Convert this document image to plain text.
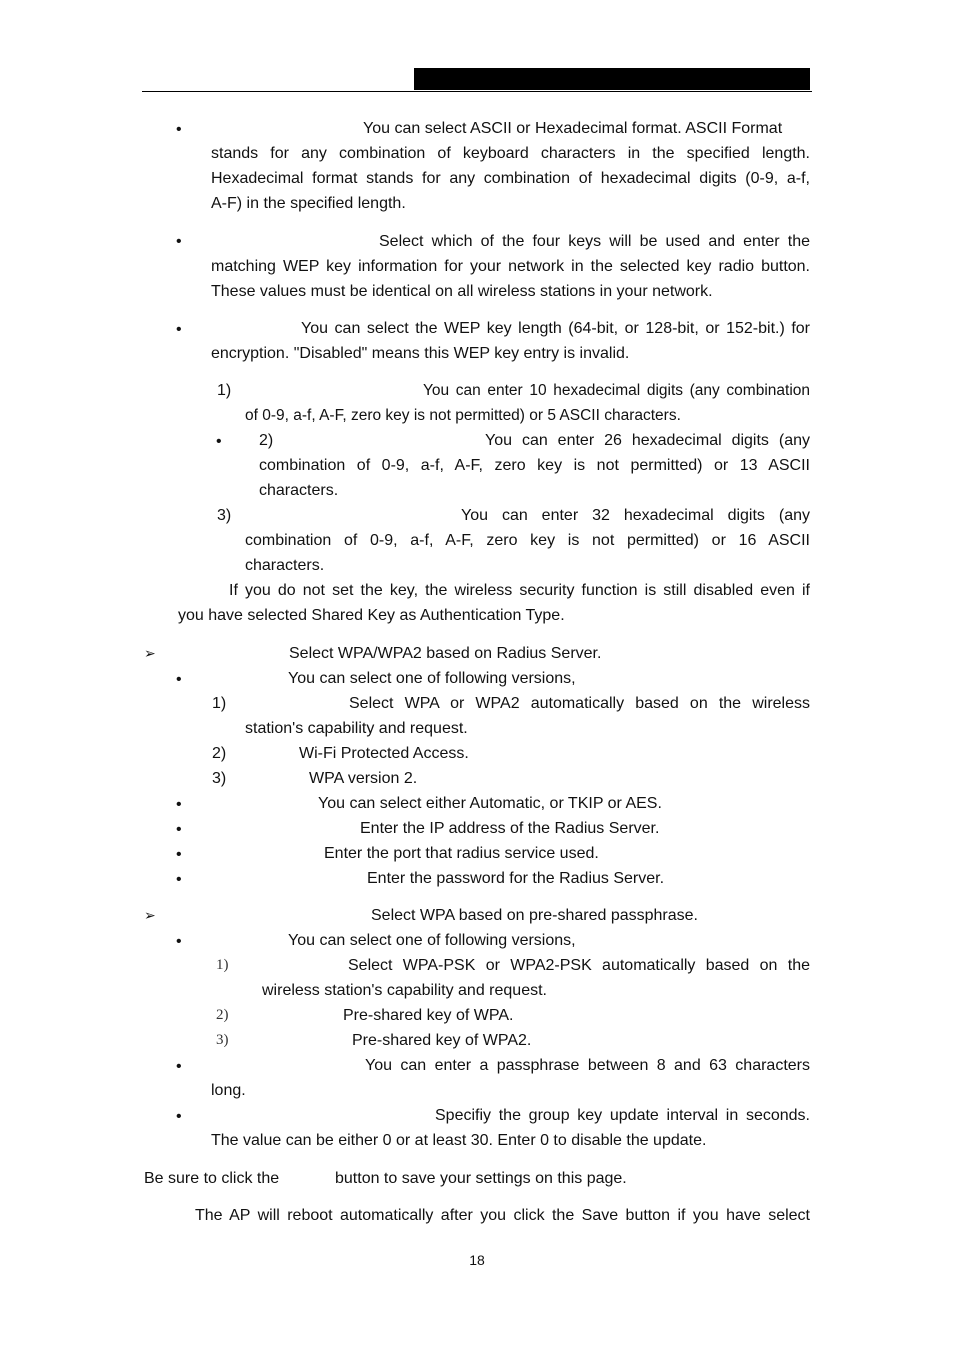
•	You can select ASCII or Hexadecimal format. ASCII Format

stands for any combination of keyboard characters in the specified length.

Hexadecimal format stands for any combination of hexadecimal digits (0-9, a-f,

A-F) in the specified length.

•	Select which of the four keys will be used and enter the

matching WEP key information for your network in the selected key radio button.

These values must be identical on all wireless stations in your network.

•	You can select the WEP key length (64-bit, or 128-bit, or 152-bit.) for

encryption. "Disabled" means this WEP key entry is invalid.

1)	You can enter 10 hexadecimal digits (any combination

of 0-9, a-f, A-F, zero key is not permitted) or 5 ASCII characters.

• 2)	You can enter 26 hexadecimal digits (any

combination of 0-9, a-f, A-F, zero key is not permitted) or 13 ASCII

characters.

3)	You can enter 32 hexadecimal digits (any

combination of 0-9, a-f, A-F, zero key is not permitted) or 16 ASCII

characters.

If you do not set the key, the wireless security function is still disabled even if

you have selected Shared Key as Authentication Type.

➢	Select WPA/WPA2 based on Radius Server.

•	You can select one of following versions,

1)	Select WPA or WPA2 automatically based on the wireless

station's capability and request.

2)	Wi-Fi Protected Access.

3)	WPA version 2.

•	You can select either Automatic, or TKIP or AES.

•	Enter the IP address of the Radius Server.

•	Enter the port that radius service used.

•	Enter the password for the Radius Server.

➢	Select WPA based on pre-shared passphrase.

•	You can select one of following versions,

1)	Select WPA-PSK or WPA2-PSK automatically based on the

wireless station's capability and request.

2)	Pre-shared key of WPA.

3)	Pre-shared key of WPA2.

•	You can enter a passphrase between 8 and 63 characters

long.

•	Specifiy the group key update interval in seconds.

The value can be either 0 or at least 30. Enter 0 to disable the update.

Be sure to click the	button to save your settings on this page.

The AP will reboot automatically after you click the Save button if you have select

18
